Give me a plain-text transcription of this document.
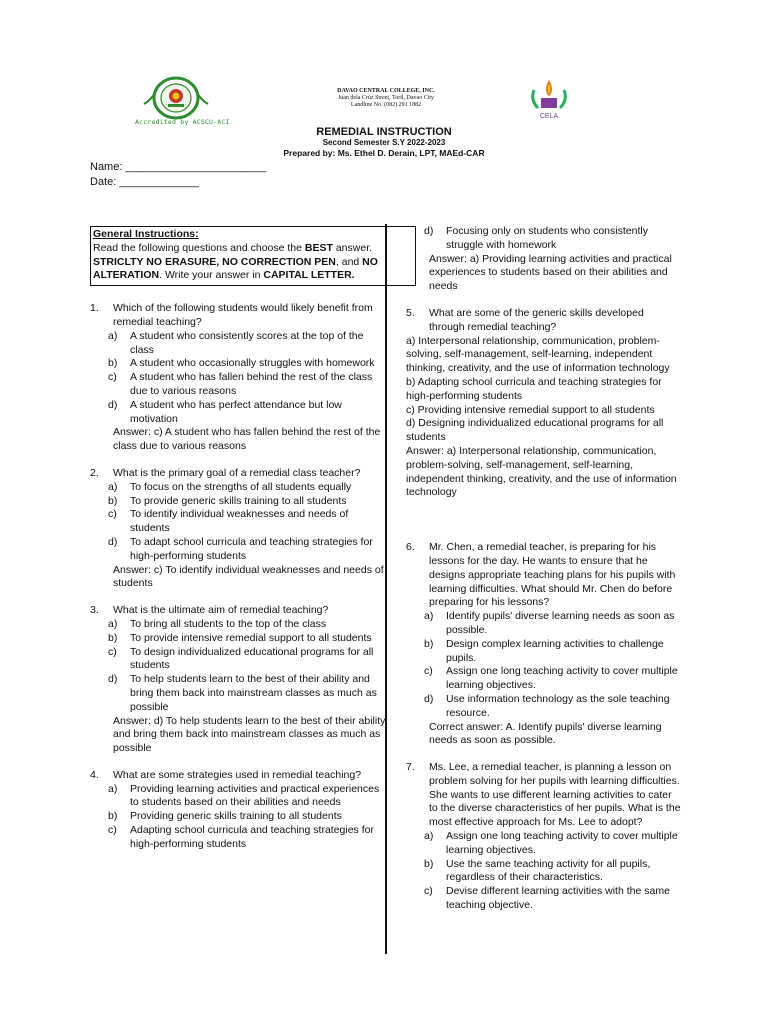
Accredited by ACSCU-ACI
DAVAO CENTRAL COLLEGE, INC.
Juan dela Cruz Street, Toril, Davao City
Landline No. (082) 291 1882
CELA
REMEDIAL INSTRUCTION
Second Semester S.Y 2022-2023
Prepared by: Ms. Ethel D. Derain, LPT, MAEd-CAR
Name: _______________________
Date: _____________
General Instructions:
Read the following questions and choose the BEST answer.
STRICLTY NO ERASURE, NO CORRECTION PEN, and NO ALTERATION. Write your answer in CAPITAL LETTER.
1.	Which of the following students would likely benefit from remedial teaching?
a)	A student who consistently scores at the top of the class
b)	A student who occasionally struggles with homework
c)	A student who has fallen behind the rest of the class due to various reasons
d)	A student who has perfect attendance but low motivation
Answer: c) A student who has fallen behind the rest of the class due to various reasons
2.	What is the primary goal of a remedial class teacher?
a)	To focus on the strengths of all students equally
b)	To provide generic skills training to all students
c)	To identify individual weaknesses and needs of students
d)	To adapt school curricula and teaching strategies for high-performing students
Answer: c) To identify individual weaknesses and needs of students
3.	What is the ultimate aim of remedial teaching?
a)	To bring all students to the top of the class
b)	To provide intensive remedial support to all students
c)	To design individualized educational programs for all students
d)	To help students learn to the best of their ability and bring them back into mainstream classes as much as possible
Answer: d) To help students learn to the best of their ability and bring them back into mainstream classes as much as possible
4.	What are some strategies used in remedial teaching?
a)	Providing learning activities and practical experiences to students based on their abilities and needs
b)	Providing generic skills training to all students
c)	Adapting school curricula and teaching strategies for high-performing students
d)	Focusing only on students who consistently struggle with homework
Answer: a) Providing learning activities and practical experiences to students based on their abilities and needs
5.	What are some of the generic skills developed through remedial teaching?
a) Interpersonal relationship, communication, problem-solving, self-management, self-learning, independent thinking, creativity, and the use of information technology
b) Adapting school curricula and teaching strategies for high-performing students
c) Providing intensive remedial support to all students
d) Designing individualized educational programs for all students
Answer: a) Interpersonal relationship, communication, problem-solving, self-management, self-learning, independent thinking, creativity, and the use of information technology
6.	Mr. Chen, a remedial teacher, is preparing for his lessons for the day. He wants to ensure that he designs appropriate teaching plans for his pupils with learning difficulties. What should Mr. Chen do before preparing for his lessons?
a)	Identify pupils' diverse learning needs as soon as possible.
b)	Design complex learning activities to challenge pupils.
c)	Assign one long teaching activity to cover multiple learning objectives.
d)	Use information technology as the sole teaching resource.
Correct answer: A. Identify pupils' diverse learning needs as soon as possible.
7.	Ms. Lee, a remedial teacher, is planning a lesson on problem solving for her pupils with learning difficulties. She wants to use different learning activities to cater to the diverse characteristics of her pupils. What is the most effective approach for Ms. Lee to adopt?
a)	Assign one long teaching activity to cover multiple learning objectives.
b)	Use the same teaching activity for all pupils, regardless of their characteristics.
c)	Devise different learning activities with the same teaching objective.
